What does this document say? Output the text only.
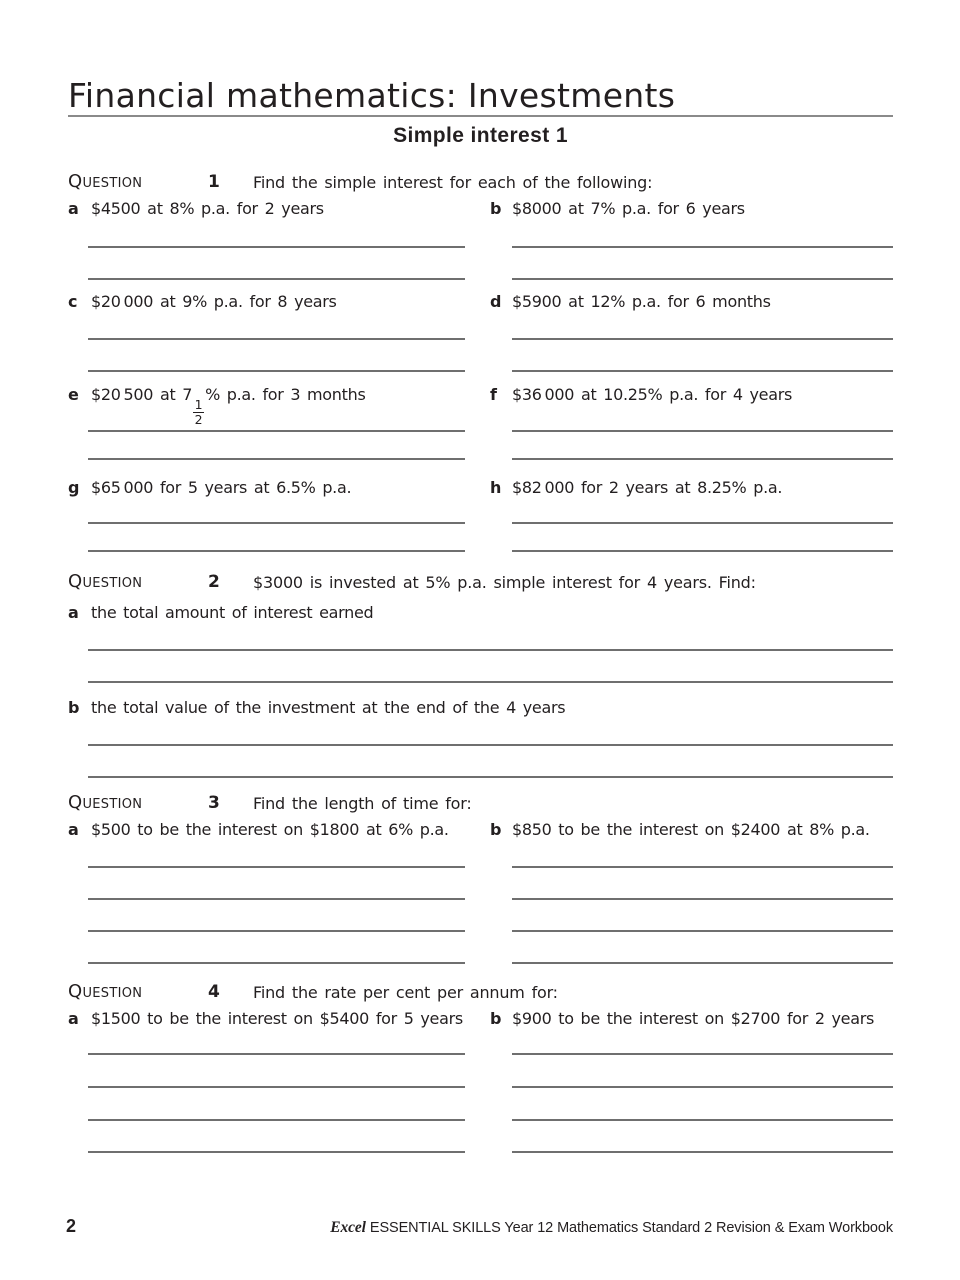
Financial mathematics: Investments
Simple interest 1
Question	1 Find the simple interest for each of the following:
a $4500 at 8% p.a. for 2 years	b $8000 at 7% p.a. for 6 years
c $20 000 at 9% p.a. for 8 years	d $5900 at 12% p.a. for 6 months
e $20 500 at 7
$\frac{1}{2}$
% p.a. for 3 months	f $36 000 at 10.25% p.a. for 4 years
g $65 000 for 5 years at 6.5% p.a.	h $82 000 for 2 years at 8.25% p.a.
Question	2 $3000 is invested at 5% p.a. simple interest for 4 years. Find:
a the total amount of interest earned
b the total value of the investment at the end of the 4 years
Question	3 Find the length of time for:
a $500 to be the interest on $1800 at 6% p.a.	b $850 to be the interest on $2400 at 8% p.a.
Question	4 Find the rate per cent per annum for:
a $1500 to be the interest on $5400 for 5 years b $900 to be the interest on $2700 for 2 years
2	Excel ESSENTIAL SKILLS Year 12 Mathematics Standard 2 Revision & Exam Workbook
